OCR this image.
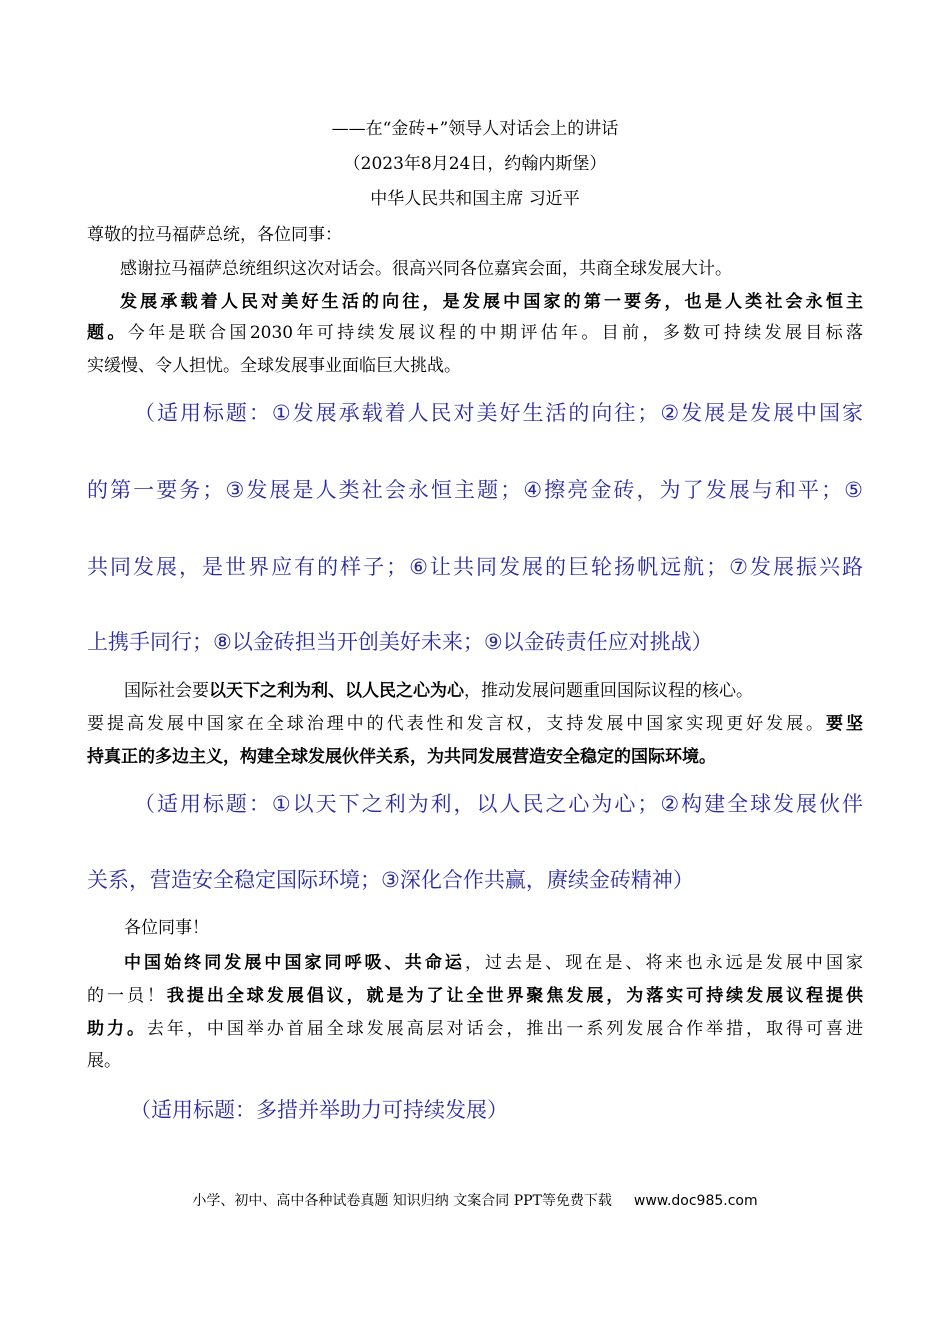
——在“金砖+”领导人对话会上的讲话
（2023年8月24日，约翰内斯堡）
中华人民共和国主席 习近平
尊敬的拉马福萨总统，各位同事：
感谢拉马福萨总统组织这次对话会。很高兴同各位嘉宾会面，共商全球发展大计。
发展承载着人民对美好生活的向往，是发展中国家的第一要务，也是人类社会永恒主
题。今年是联合国2030年可持续发展议程的中期评估年。目前，多数可持续发展目标落
实缓慢、令人担忧。全球发展事业面临巨大挑战。
（适用标题：①发展承载着人民对美好生活的向往；②发展是发展中国家
的第一要务；③发展是人类社会永恒主题；④擦亮金砖，为了发展与和平；⑤
共同发展，是世界应有的样子；⑥让共同发展的巨轮扬帆远航；⑦发展振兴路
上携手同行；⑧以金砖担当开创美好未来；⑨以金砖责任应对挑战）
国际社会要以天下之利为利、以人民之心为心，推动发展问题重回国际议程的核心。
要提高发展中国家在全球治理中的代表性和发言权，支持发展中国家实现更好发展。要坚
持真正的多边主义，构建全球发展伙伴关系，为共同发展营造安全稳定的国际环境。
（适用标题：①以天下之利为利，以人民之心为心；②构建全球发展伙伴
关系，营造安全稳定国际环境；③深化合作共赢，赓续金砖精神）
各位同事！
中国始终同发展中国家同呼吸、共命运，过去是、现在是、将来也永远是发展中国家
的一员！我提出全球发展倡议，就是为了让全世界聚焦发展，为落实可持续发展议程提供
助力。去年，中国举办首届全球发展高层对话会，推出一系列发展合作举措，取得可喜进
展。
（适用标题：多措并举助力可持续发展）
小学、初中、高中各种试卷真题 知识归纳 文案合同 PPT等免费下载 www.doc985.com
